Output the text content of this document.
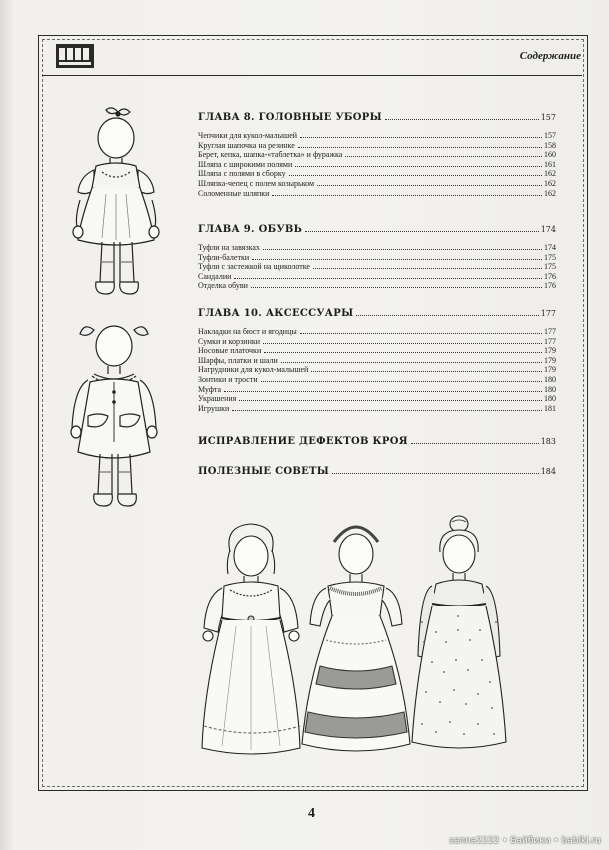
Содержание
ГЛАВА 8. ГОЛОВНЫЕ УБОРЫ	157
Чепчики для кукол-малышей	157
Круглая шапочка на резинке	158
Берет, кепка, шапка-«таблетка» и фуражка	160
Шляпа с широкими полями	161
Шляпа с полями в сборку	162
Шляпка-чепец с полем козырьком	162
Соломенные шляпки	162
ГЛАВА 9. ОБУВЬ	174
Туфли на завязках	174
Туфли-балетки	175
Туфли с застежкой на щиколотке	175
Сандалии	176
Отделка обуви	176
ГЛАВА 10. АКСЕССУАРЫ	177
Накладки на бюст и ягодицы	177
Сумки и корзинки	177
Носовые платочки	179
Шарфы, платки и шали	179
Нагрудники для кукол-малышей	179
Зонтики и трости	180
Муфта	180
Украшения	180
Игрушки	181
ИСПРАВЛЕНИЕ ДЕФЕКТОВ КРОЯ	183
ПОЛЕЗНЫЕ СОВЕТЫ	184
4
sanna2222 • Байбики • babiki.ru
